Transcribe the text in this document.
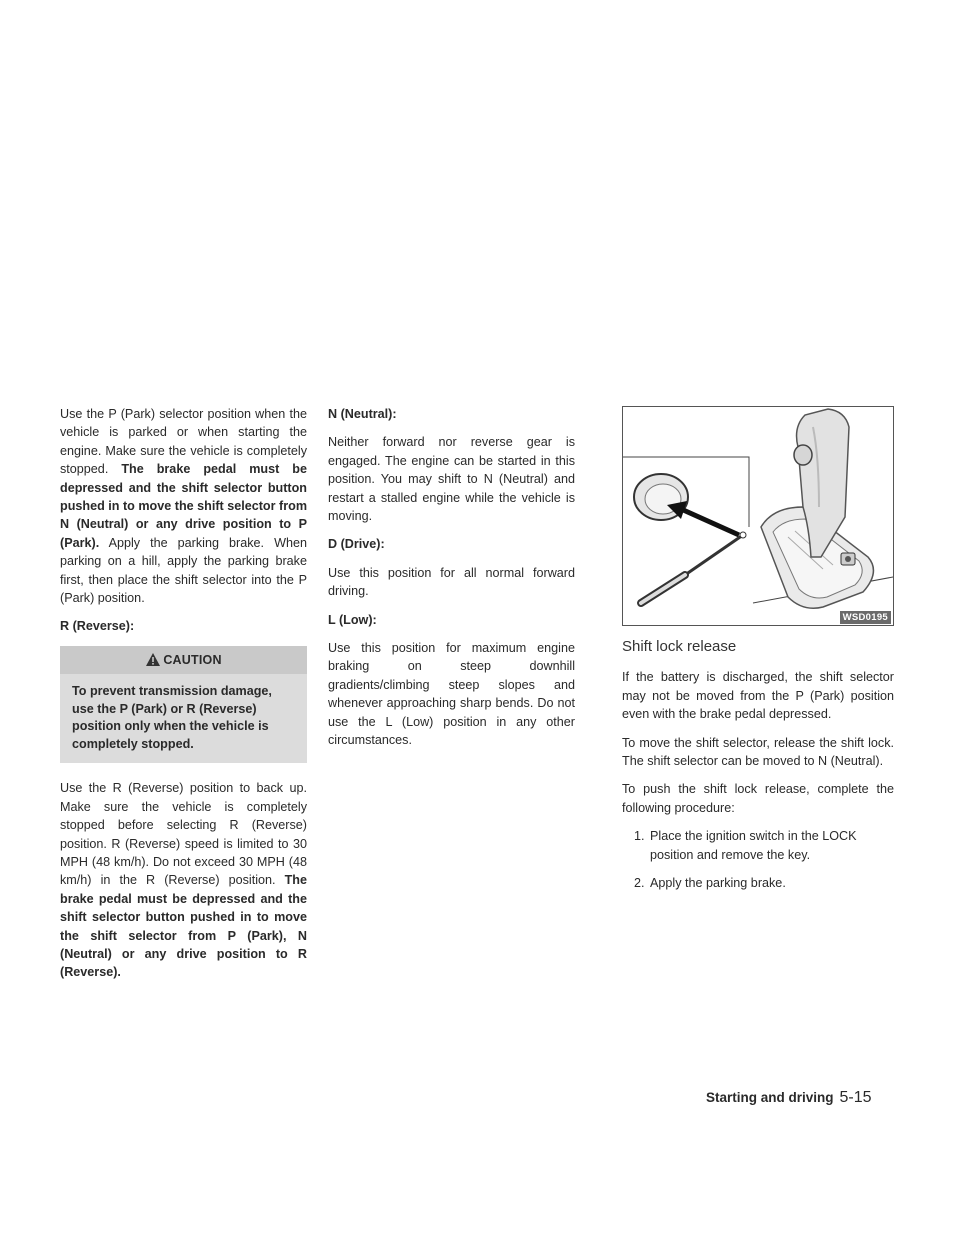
Use the P (Park) selector position when the vehicle is parked or when starting the engine. Make sure the vehicle is completely stopped. The brake pedal must be depressed and the shift selector button pushed in to move the shift selector from N (Neutral) or any drive position to P (Park). Apply the parking brake. When parking on a hill, apply the parking brake first, then place the shift selector into the P (Park) position.

R (Reverse):

CAUTION
To prevent transmission damage, use the P (Park) or R (Reverse) position only when the vehicle is completely stopped.

Use the R (Reverse) position to back up. Make sure the vehicle is completely stopped before selecting R (Reverse) position. R (Reverse) speed is limited to 30 MPH (48 km/h). Do not exceed 30 MPH (48 km/h) in the R (Reverse) position. The brake pedal must be depressed and the shift selector button pushed in to move the shift selector from P (Park), N (Neutral) or any drive position to R (Reverse).

N (Neutral):

Neither forward nor reverse gear is engaged. The engine can be started in this position. You may shift to N (Neutral) and restart a stalled engine while the vehicle is moving.

D (Drive):

Use this position for all normal forward driving.

L (Low):

Use this position for maximum engine braking on steep downhill gradients/climbing steep slopes and whenever approaching sharp bends. Do not use the L (Low) position in any other circumstances.

WSD0195
Shift lock release

If the battery is discharged, the shift selector may not be moved from the P (Park) position even with the brake pedal depressed.

To move the shift selector, release the shift lock. The shift selector can be moved to N (Neutral).

To push the shift lock release, complete the following procedure:

1. Place the ignition switch in the LOCK position and remove the key.
2. Apply the parking brake.
Starting and driving 5-15
